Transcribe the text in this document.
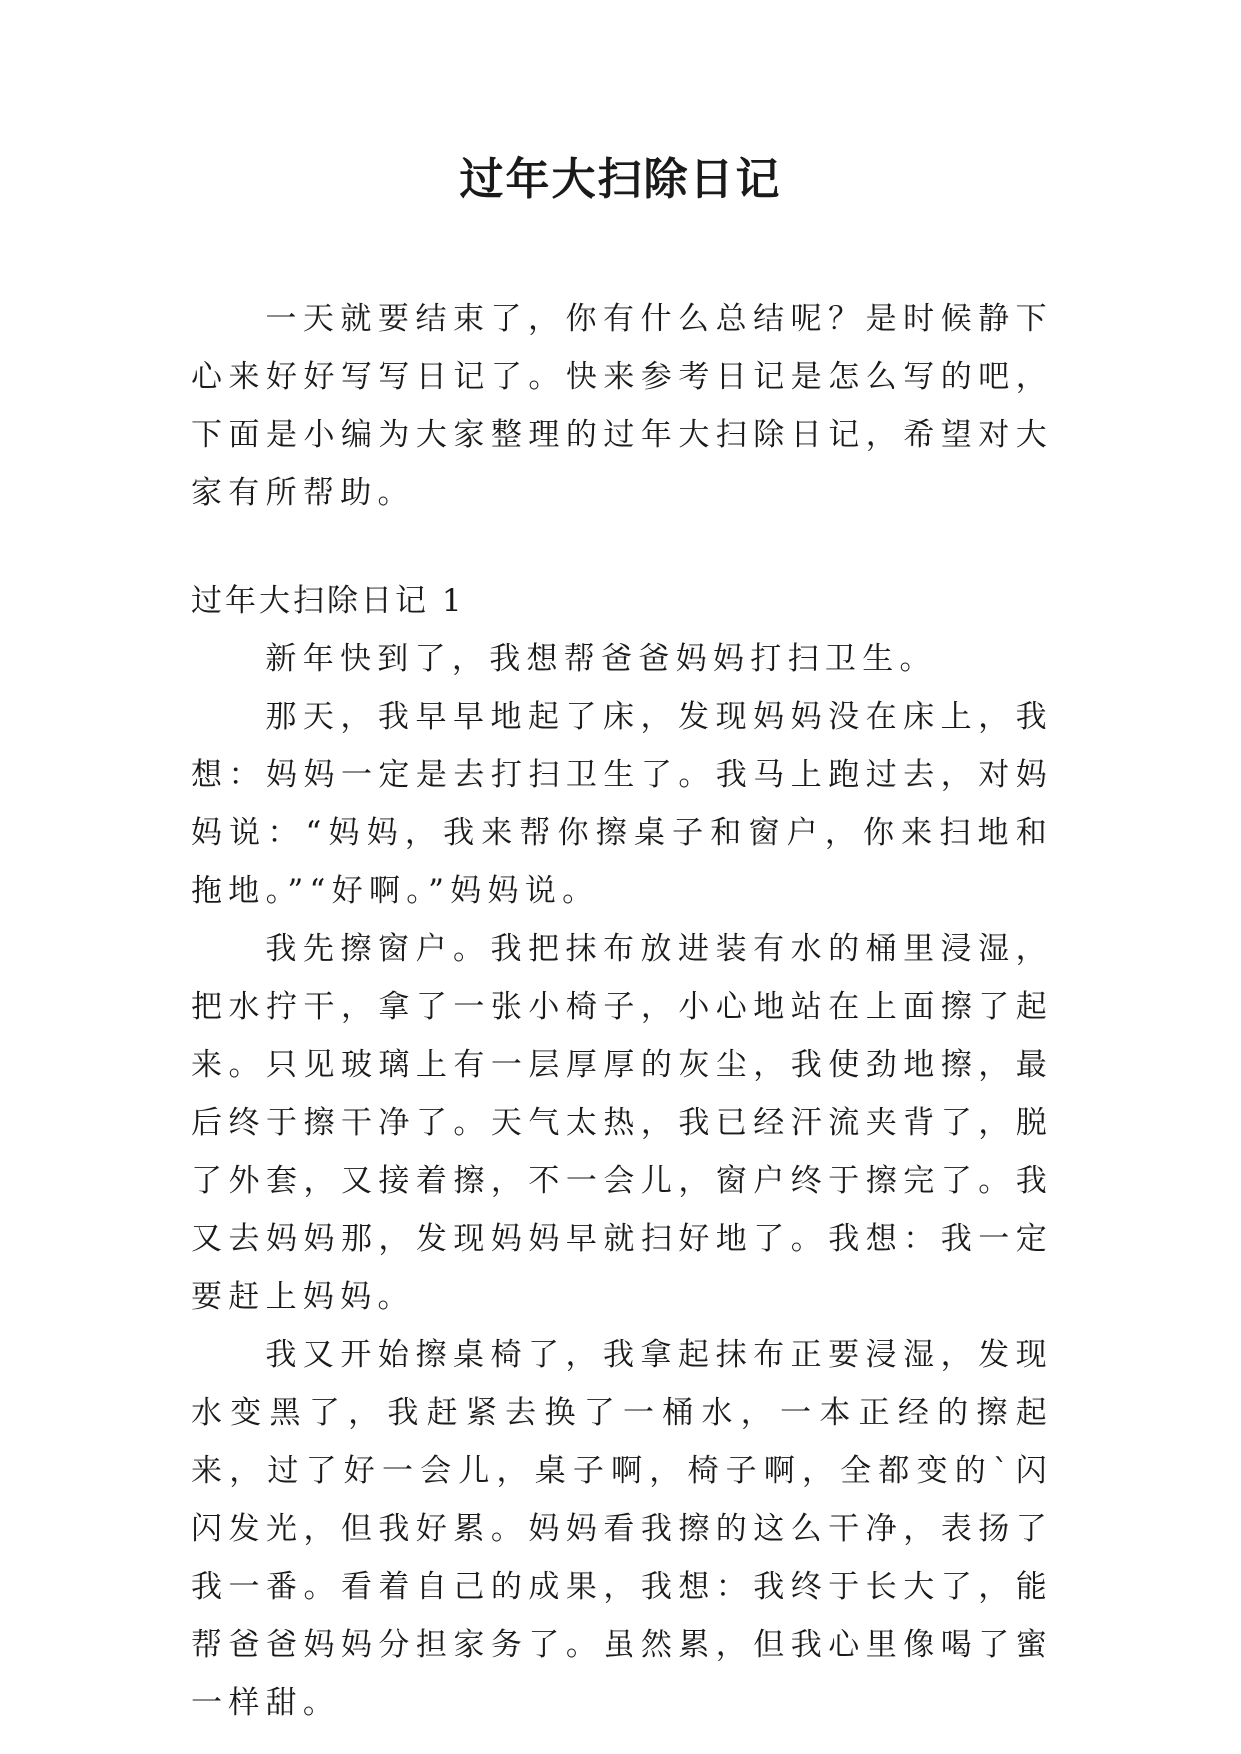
过年大扫除日记

一天就要结束了，你有什么总结呢？是时候静下心来好好写写日记了。快来参考日记是怎么写的吧，下面是小编为大家整理的过年大扫除日记，希望对大家有所帮助。

过年大扫除日记 1

新年快到了，我想帮爸爸妈妈打扫卫生。

那天，我早早地起了床，发现妈妈没在床上，我想：妈妈一定是去打扫卫生了。我马上跑过去，对妈妈说：“妈妈，我来帮你擦桌子和窗户，你来扫地和拖地。”“好啊。”妈妈说。

我先擦窗户。我把抹布放进装有水的桶里浸湿，把水拧干，拿了一张小椅子，小心地站在上面擦了起来。只见玻璃上有一层厚厚的灰尘，我使劲地擦，最后终于擦干净了。天气太热，我已经汗流夹背了，脱了外套，又接着擦，不一会儿，窗户终于擦完了。我又去妈妈那，发现妈妈早就扫好地了。我想：我一定要赶上妈妈。

我又开始擦桌椅了，我拿起抹布正要浸湿，发现水变黑了，我赶紧去换了一桶水，一本正经的擦起来，过了好一会儿，桌子啊，椅子啊，全都变的`闪闪发光，但我好累。妈妈看我擦的这么干净，表扬了我一番。看着自己的成果，我想：我终于长大了，能帮爸爸妈妈分担家务了。虽然累，但我心里像喝了蜜一样甜。
